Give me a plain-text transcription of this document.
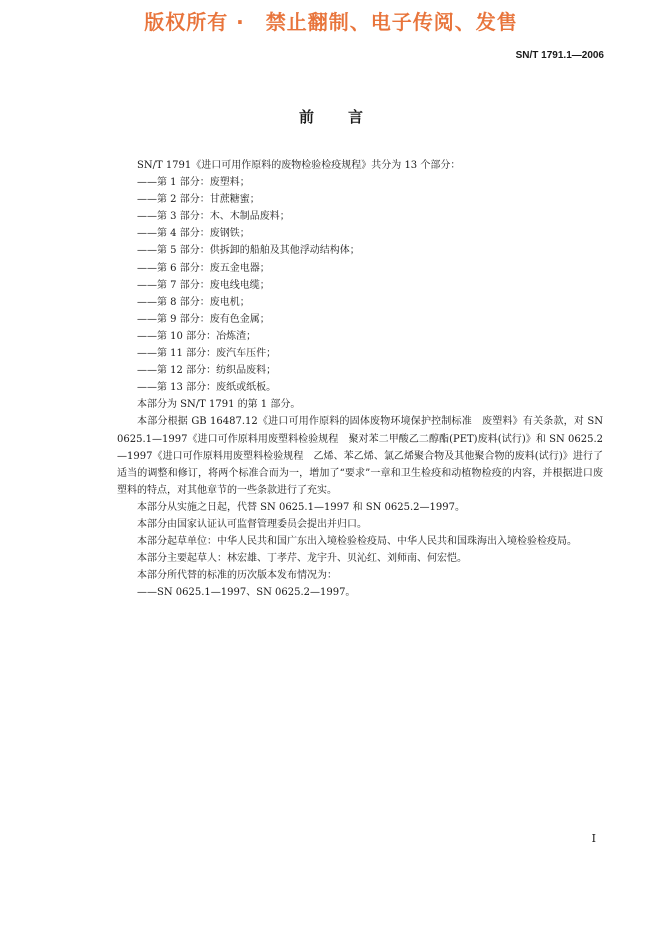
版权所有 ·　禁止翻制、电子传阅、发售
SN/T 1791.1—2006
前言

SN/T 1791《进口可用作原料的废物检验检疫规程》共分为 13 个部分：

——第 1 部分：废塑料；

——第 2 部分：甘蔗糖蜜；

——第 3 部分：木、木制品废料；

——第 4 部分：废钢铁；

——第 5 部分：供拆卸的船舶及其他浮动结构体；

——第 6 部分：废五金电器；

——第 7 部分：废电线电缆；

——第 8 部分：废电机；

——第 9 部分：废有色金属；

——第 10 部分：冶炼渣；

——第 11 部分：废汽车压件；

——第 12 部分：纺织品废料；

——第 13 部分：废纸或纸板。

本部分为 SN/T 1791 的第 1 部分。

本部分根据 GB 16487.12《进口可用作原料的固体废物环境保护控制标准　废塑料》有关条款，对 SN 0625.1—1997《进口可作原料用废塑料检验规程　聚对苯二甲酸乙二醇酯(PET)废料(试行)》和 SN 0625.2—1997《进口可作原料用废塑料检验规程　乙烯、苯乙烯、氯乙烯聚合物及其他聚合物的废料(试行)》进行了适当的调整和修订，将两个标准合而为一，增加了“要求”一章和卫生检疫和动植物检疫的内容，并根据进口废塑料的特点，对其他章节的一些条款进行了充实。

本部分从实施之日起，代替 SN 0625.1—1997 和 SN 0625.2—1997。

本部分由国家认证认可监督管理委员会提出并归口。

本部分起草单位：中华人民共和国广东出入境检验检疫局、中华人民共和国珠海出入境检验检疫局。

本部分主要起草人：林宏雄、丁孝芹、龙宇升、贝沁红、刘师南、何宏恺。

本部分所代替的标准的历次版本发布情况为：

——SN 0625.1—1997、SN 0625.2—1997。

I
